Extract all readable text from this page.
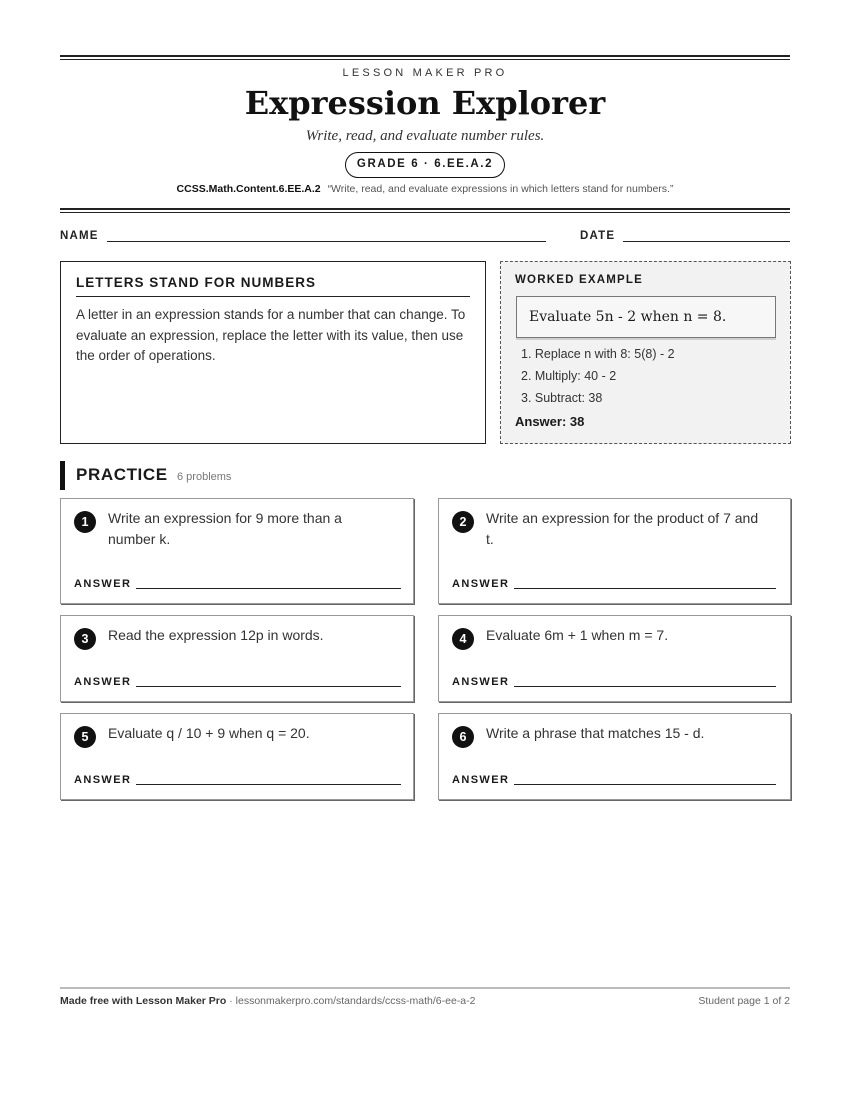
LESSON MAKER PRO
Expression Explorer
Write, read, and evaluate number rules.
GRADE 6 · 6.EE.A.2
CCSS.Math.Content.6.EE.A.2 “Write, read, and evaluate expressions in which letters stand for numbers.”
NAME	DATE
LETTERS STAND FOR NUMBERS
A letter in an expression stands for a number that can change. To evaluate an expression, replace the letter with its value, then use the order of operations.
WORKED EXAMPLE
Evaluate 5n - 2 when n = 8.
1. Replace n with 8: 5(8) - 2
2. Multiply: 40 - 2
3. Subtract: 38
Answer: 38
PRACTICE 6 problems
1	Write an expression for 9 more than a number k.
ANSWER
2	Write an expression for the product of 7 and t.
ANSWER
3	Read the expression 12p in words.
ANSWER
4	Evaluate 6m + 1 when m = 7.
ANSWER
5	Evaluate q / 10 + 9 when q = 20.
ANSWER
6	Write a phrase that matches 15 - d.
ANSWER
Made free with Lesson Maker Pro · lessonmakerpro.com/standards/ccss-math/6-ee-a-2	Student page 1 of 2
